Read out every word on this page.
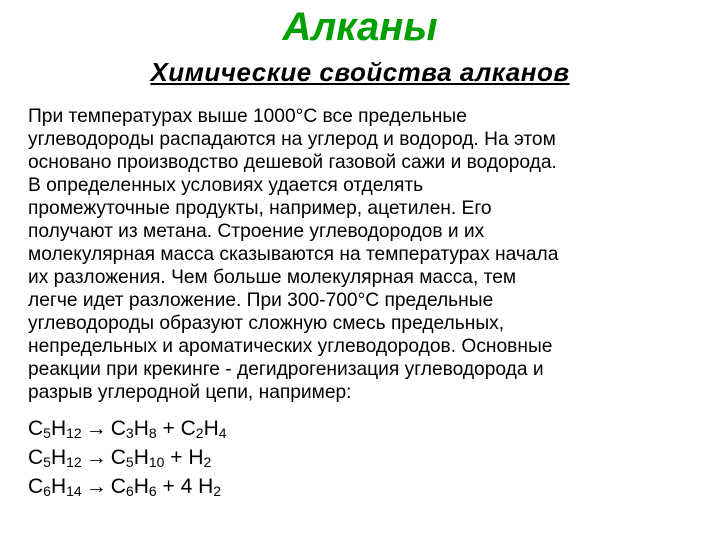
Алканы
Химические свойства алканов
При температурах выше 1000°С все предельные
углеводороды распадаются на углерод и водород. На этом
основано производство дешевой газовой сажи и водорода.
В определенных условиях удается отделять
промежуточные продукты, например, ацетилен. Его
получают из метана. Строение углеводородов и их
молекулярная масса сказываются на температурах начала
их разложения. Чем больше молекулярная масса, тем
легче идет разложение. При 300-700°С предельные
углеводороды образуют сложную смесь предельных,
непредельных и ароматических углеводородов. Основные
реакции при крекинге - дегидрогенизация углеводорода и
разрыв углеродной цепи, например:
$C_5H_{12} \to C_3H_8 + C_2H_4$
$C_5H_{12} \to C_5H_{10} + H_2$
$C_6H_{14} \to C_6H_6 + 4$ $H_2$
